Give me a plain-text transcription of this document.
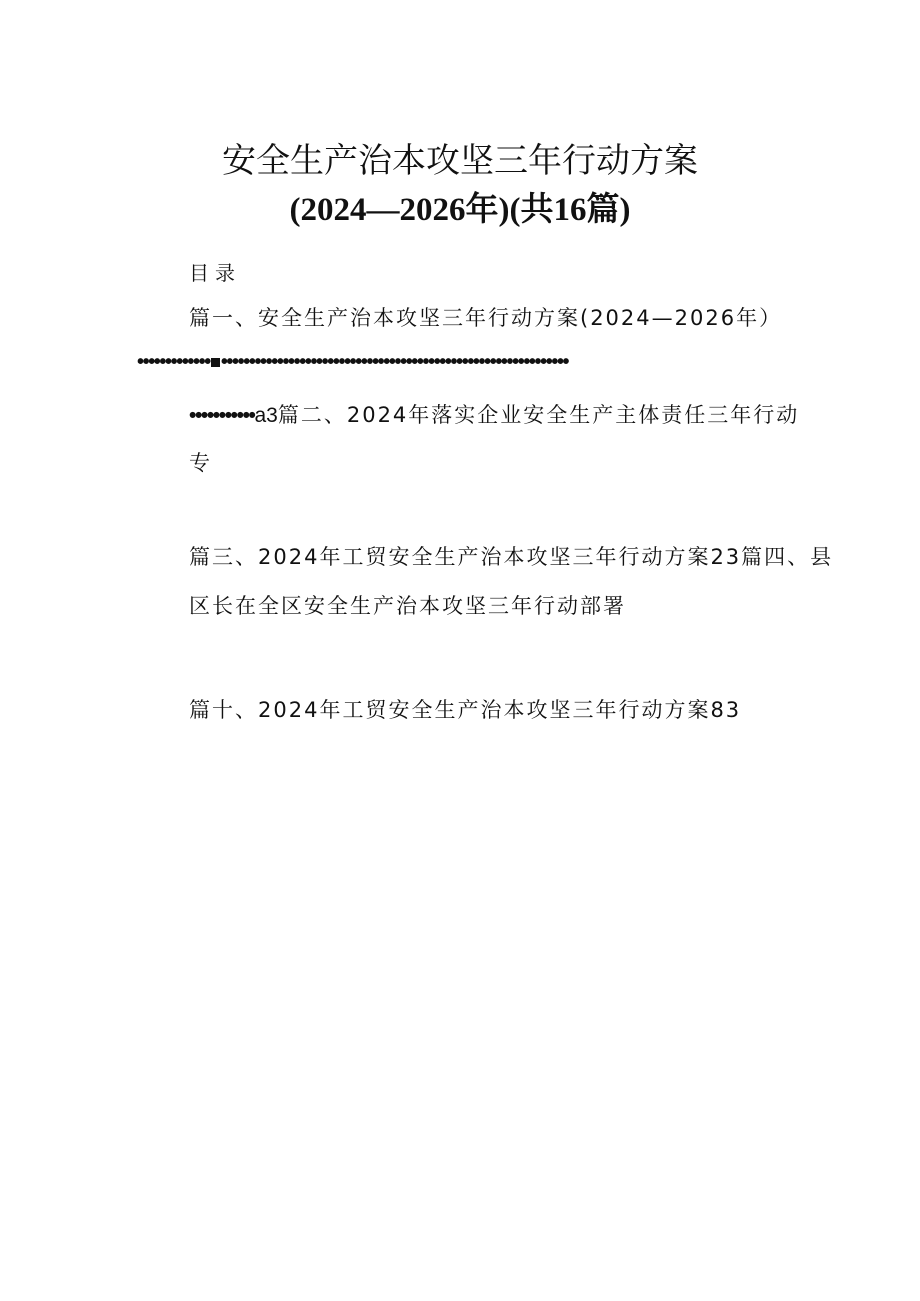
安全生产治本攻坚三年行动方案
(2024—2026年)(共16篇)
目录
篇一、安全生产治本攻坚三年行动方案(2024—2026年）
••••••••••••• ••••••••••••••••••••••••••••••••••••••••••••••••••••••••••••••
•••••••••••a3篇二、2024年落实企业安全生产主体责任三年行动
专
篇三、2024年工贸安全生产治本攻坚三年行动方案23篇四、县
区长在全区安全生产治本攻坚三年行动部署
篇十、2024年工贸安全生产治本攻坚三年行动方案83
